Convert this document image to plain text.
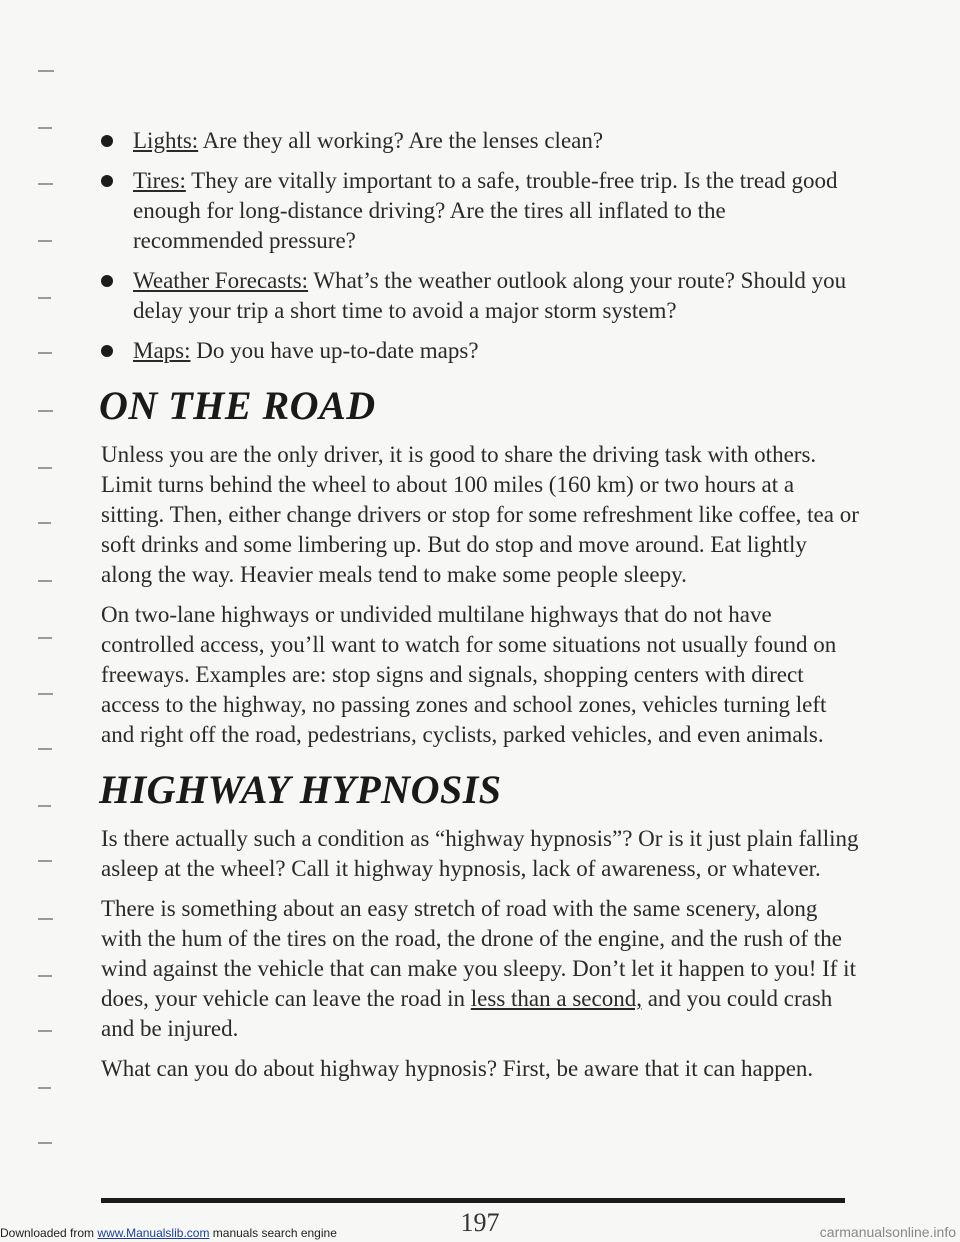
Lights: Are they all working? Are the lenses clean?
Tires: They are vitally important to a safe, trouble-free trip. Is the tread good enough for long-distance driving? Are the tires all inflated to the recommended pressure?
Weather Forecasts: What’s the weather outlook along your route? Should you delay your trip a short time to avoid a major storm system?
Maps: Do you have up-to-date maps?
ON THE ROAD

Unless you are the only driver, it is good to share the driving task with others. Limit turns behind the wheel to about 100 miles (160 km) or two hours at a sitting. Then, either change drivers or stop for some refreshment like coffee, tea or soft drinks and some limbering up. But do stop and move around. Eat lightly along the way. Heavier meals tend to make some people sleepy.

On two-lane highways or undivided multilane highways that do not have controlled access, you’ll want to watch for some situations not usually found on freeways. Examples are: stop signs and signals, shopping centers with direct access to the highway, no passing zones and school zones, vehicles turning left and right off the road, pedestrians, cyclists, parked vehicles, and even animals.

HIGHWAY HYPNOSIS

Is there actually such a condition as “highway hypnosis”? Or is it just plain falling asleep at the wheel? Call it highway hypnosis, lack of awareness, or whatever.

There is something about an easy stretch of road with the same scenery, along with the hum of the tires on the road, the drone of the engine, and the rush of the wind against the vehicle that can make you sleepy. Don’t let it happen to you! If it does, your vehicle can leave the road in less than a second, and you could crash and be injured.

What can you do about highway hypnosis? First, be aware that it can happen.

197
Downloaded from www.Manualslib.com manuals search engine	carmanualsonline.info
